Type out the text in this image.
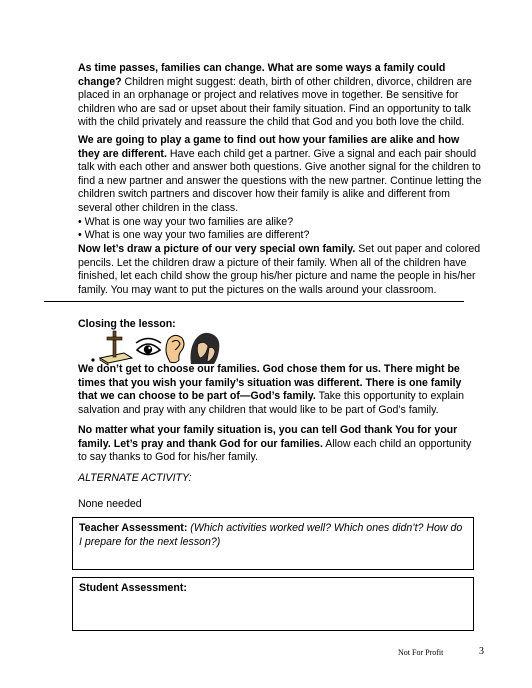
As time passes, families can change. What are some ways a family could change? Children might suggest: death, birth of other children, divorce, children are placed in an orphanage or project and relatives move in together. Be sensitive for children who are sad or upset about their family situation. Find an opportunity to talk with the child privately and reassure the child that God and you both love the child.

We are going to play a game to find out how your families are alike and how they are different. Have each child get a partner. Give a signal and each pair should talk with each other and answer both questions. Give another signal for the children to find a new partner and answer the questions with the new partner. Continue letting the children switch partners and discover how their family is alike and different from several other children in the class.
• What is one way your two families are alike?
• What is one way your two families are different?

Now let’s draw a picture of our very special own family. Set out paper and colored pencils. Let the children draw a picture of their family. When all of the children have finished, let each child show the group his/her picture and name the people in his/her family. You may want to put the pictures on the walls around your classroom.

Closing the lesson:

We don’t get to choose our families. God chose them for us. There might be times that you wish your family’s situation was different. There is one family that we can choose to be part of—God’s family. Take this opportunity to explain salvation and pray with any children that would like to be part of God’s family.

No matter what your family situation is, you can tell God thank You for your family. Let’s pray and thank God for our families. Allow each child an opportunity to say thanks to God for his/her family.

ALTERNATE ACTIVITY:
None needed
Teacher Assessment: (Which activities worked well? Which ones didn’t? How do I prepare for the next lesson?)
Student Assessment:
Not For Profit	3
